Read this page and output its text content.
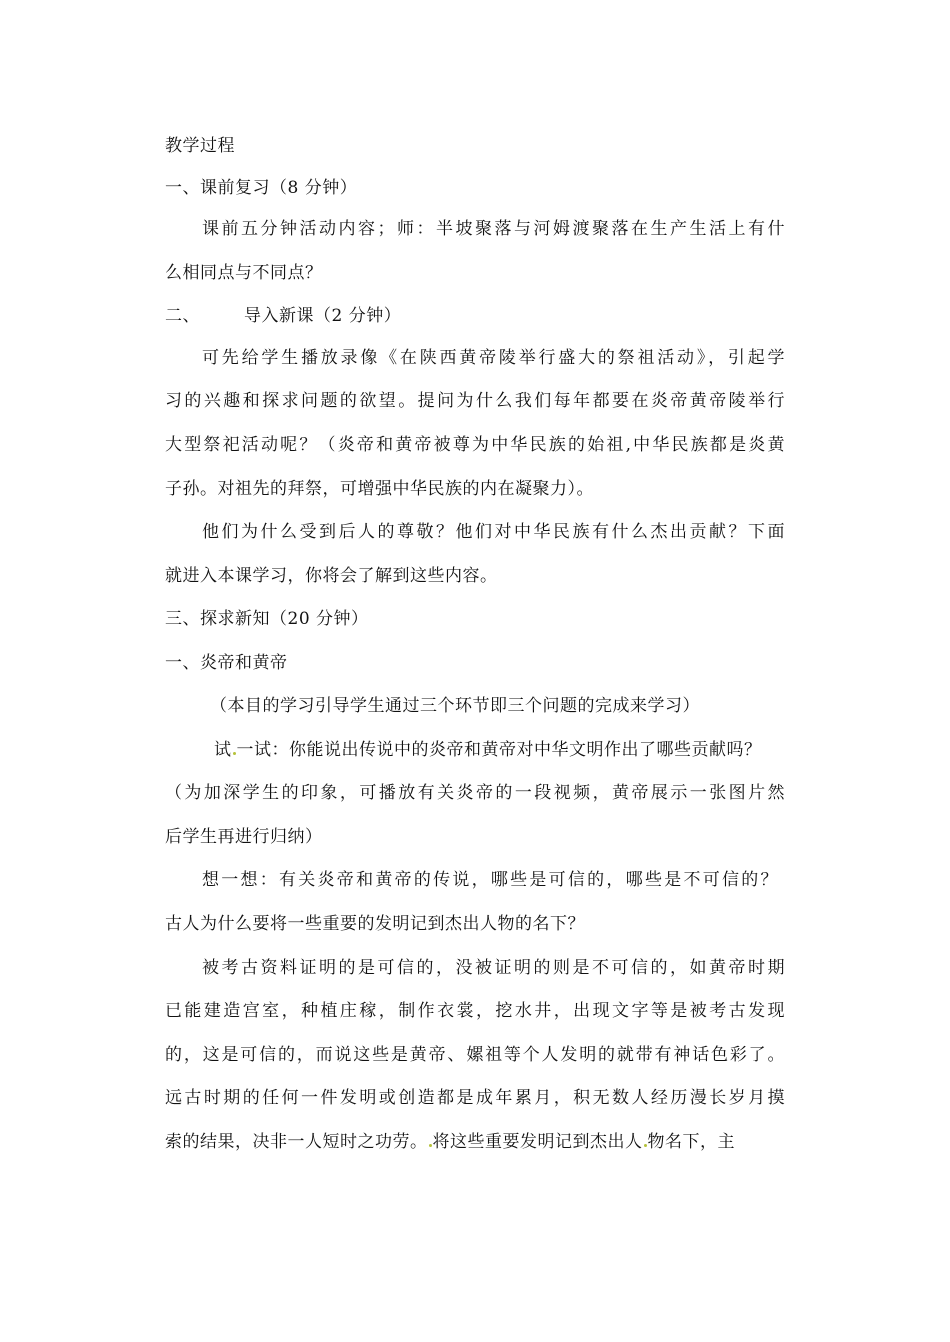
教学过程
一、课前复习（8 分钟）
课前五分钟活动内容；师：半坡聚落与河姆渡聚落在生产生活上有什
么相同点与不同点？
二、	导入新课（2 分钟）
可先给学生播放录像《在陕西黄帝陵举行盛大的祭祖活动》，引起学
习的兴趣和探求问题的欲望。提问为什么我们每年都要在炎帝黄帝陵举行
大型祭祀活动呢？（炎帝和黄帝被尊为中华民族的始祖,中华民族都是炎黄
子孙。对祖先的拜祭，可增强中华民族的内在凝聚力）。
他们为什么受到后人的尊敬？他们对中华民族有什么杰出贡献？下面
就进入本课学习，你将会了解到这些内容。
三、探求新知（20 分钟）
一、炎帝和黄帝
（本目的学习引导学生通过三个环节即三个问题的完成来学习）
试 一试：你能说出传说中的炎帝和黄帝对中华文明作出了哪些贡献吗？
（为加深学生的印象，可播放有关炎帝的一段视频，黄帝展示一张图片然
后学生再进行归纳）
想一想：有关炎帝和黄帝的传说，哪些是可信的，哪些是不可信的？
古人为什么要将一些重要的发明记到杰出人物的名下？
被考古资料证明的是可信的，没被证明的则是不可信的，如黄帝时期
已能建造宫室，种植庄稼，制作衣裳，挖水井，出现文字等是被考古发现
的，这是可信的，而说这些是黄帝、嫘祖等个人发明的就带有神话色彩了。
远古时期的任何一件发明或创造都是成年累月，积无数人经历漫长岁月摸
索的结果，决非一人短时之功劳。 将这些重要发明记到杰出人 物名下，主
